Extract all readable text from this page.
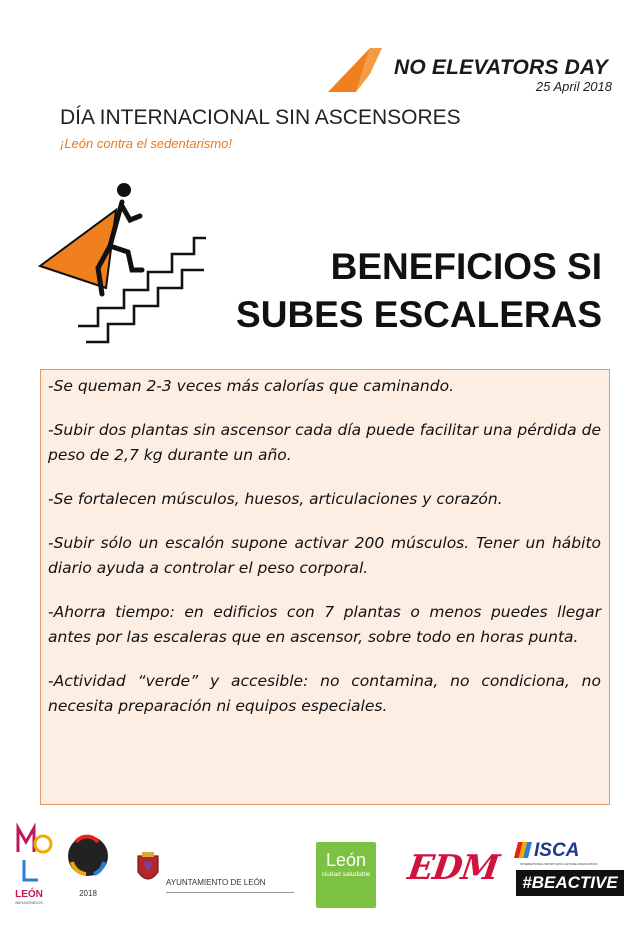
NO ELEVATORS DAY
25 April 2018
DÍA INTERNACIONAL SIN ASCENSORES
¡León contra el sedentarismo!
BENEFICIOS SI
SUBES ESCALERAS

-Se queman 2-3 veces más calorías que caminando.

-Subir dos plantas sin ascensor cada día puede facilitar una pérdida de peso de 2,7 kg durante un año.

-Se fortalecen músculos, huesos, articulaciones y corazón.

-Subir sólo un escalón supone activar 200 músculos. Tener un hábito diario ayuda a controlar el peso corporal.

-Ahorra tiempo: en edificios con 7 plantas o menos puedes llegar antes por las escaleras que en ascensor, sobre todo en horas punta.

-Actividad “verde” y accesible: no contamina, no condiciona, no necesita preparación ni equipos especiales.

LEÓN
BIENVENIDOS
2018
AYUNTAMIENTO DE LEÓN
León
ciudad saludable EDM ISCA
INTERNATIONAL SPORT AND CULTURE ASSOCIATION
#BEACTIVE
